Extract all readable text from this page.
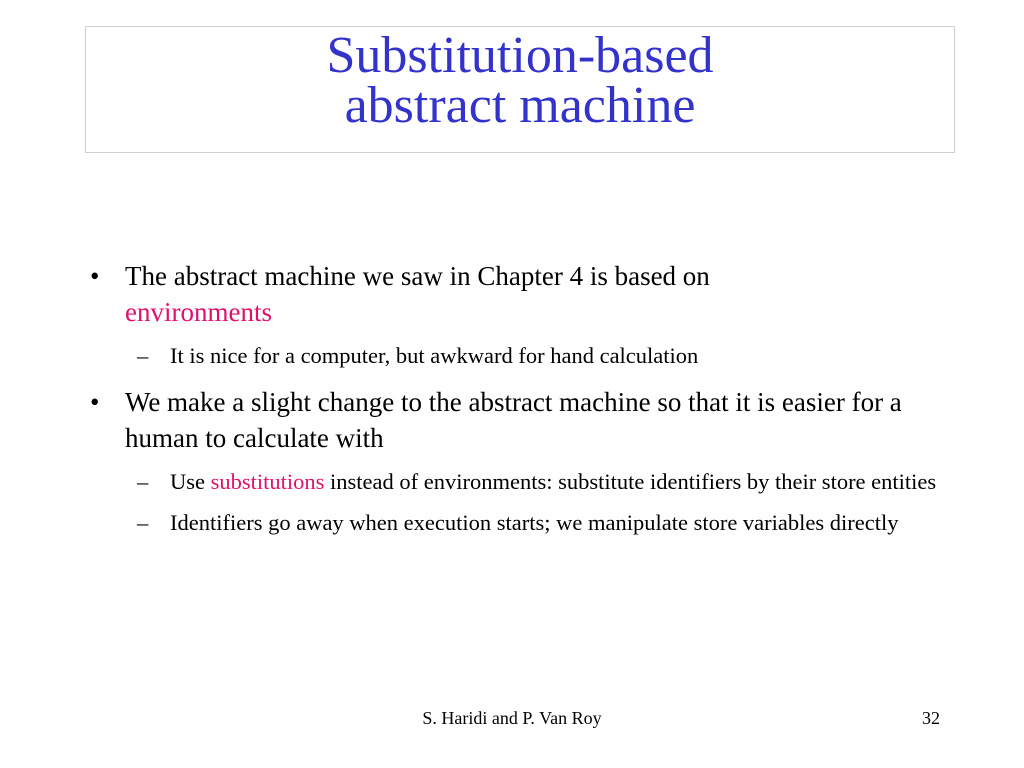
Substitution-based
abstract machine
• The abstract machine we saw in Chapter 4 is based on
environments
– It is nice for a computer, but awkward for hand calculation
• We make a slight change to the abstract machine so that it is easier for a human to calculate with
– Use substitutions instead of environments: substitute identifiers by their store entities
– Identifiers go away when execution starts; we manipulate store variables directly
S. Haridi and P. Van Roy	32
